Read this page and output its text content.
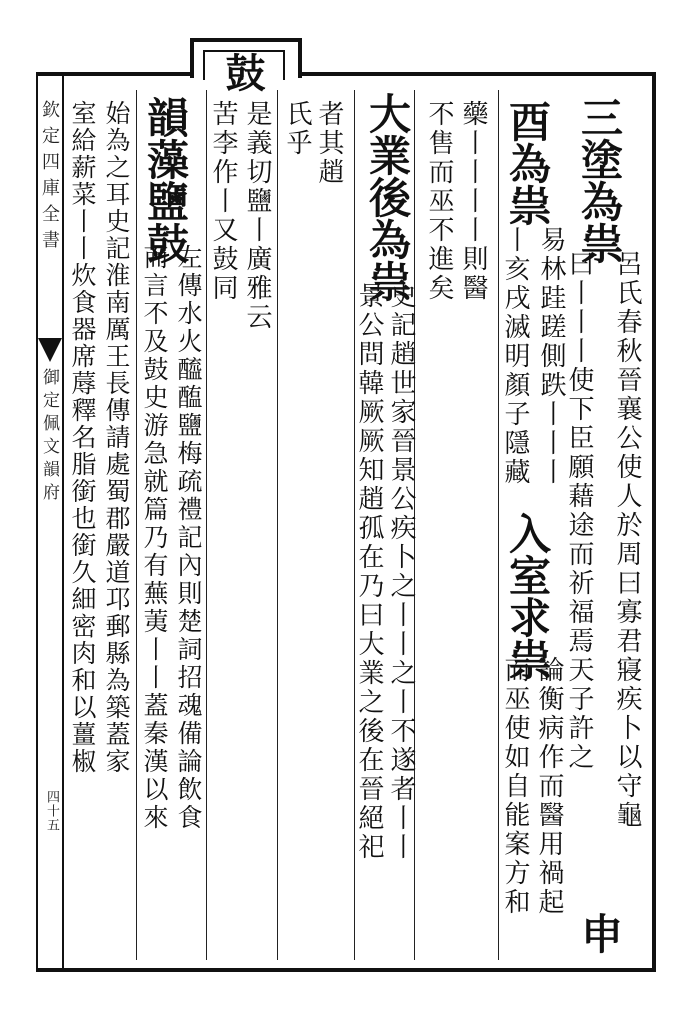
鼓
欽定四庫全書
御定佩文韻府
四十五
三塗為祟
呂氏春秋晉襄公使人於周曰寡君寢疾卜以守龜
申
曰丨丨丨使下臣願藉途而祈福焉天子許之
酉為祟
易林跬蹉側跌丨丨丨
入室求祟
論衡病作而醫用禍起
丨亥戌滅明顏子隱藏
而巫使如自能案方和
藥丨丨丨丨則醫
不售而巫不進矣
大業後為祟
史記趙世家晉景公疾卜之丨丨之丨不遂者丨丨
景公問韓厥厥知趙孤在乃曰大業之後在晉絕祀
者其趙
氏乎
是義切鹽丨廣雅云
苦李作丨又鼓同
韻藻鹽鼓
左傳水火醯醢鹽梅疏禮記內則楚詞招魂備論飲食
而言不及鼓史游急就篇乃有蕪荑丨丨蓋秦漢以來
始為之耳史記淮南厲王長傳請處蜀郡嚴道邛郵縣為築蓋家
室給薪菜丨丨炊食器席蓐釋名脂銜也銜久細密肉和以薑椒
